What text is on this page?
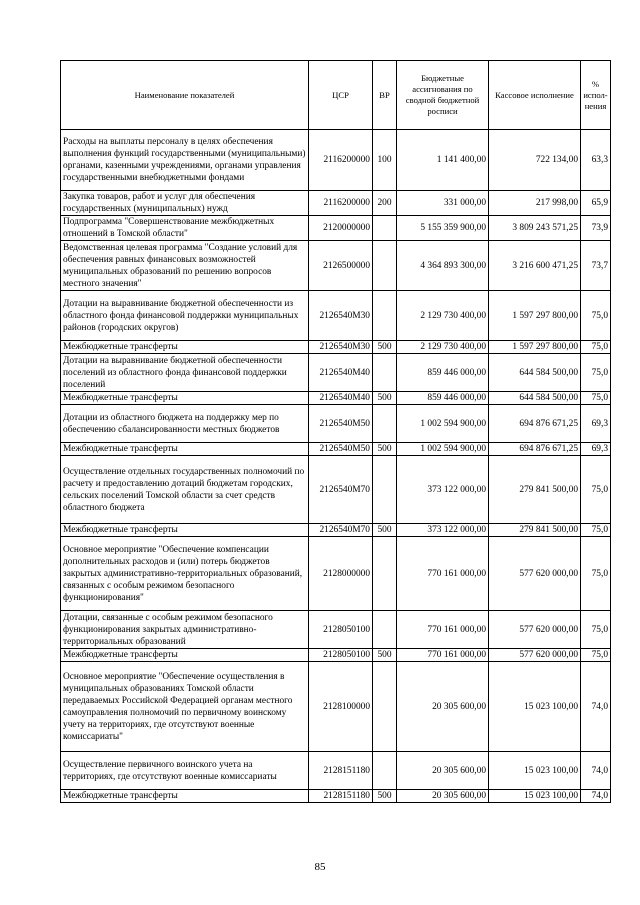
Наименование показателей	ЦСР	ВР	Бюджетные ассигнования по сводной бюджетной росписи	Кассовое исполнение	% испол-нения
Расходы на выплаты персоналу в целях обеспечения выполнения функций государственными (муниципальными) органами, казенными учреждениями, органами управления государственными внебюджетными фондами	2116200000	100	1 141 400,00	722 134,00	63,3
Закупка товаров, работ и услуг для обеспечения государственных (муниципальных) нужд	2116200000	200	331 000,00	217 998,00	65,9
Подпрограмма "Совершенствование межбюджетных отношений в Томской области"	2120000000		5 155 359 900,00	3 809 243 571,25	73,9
Ведомственная целевая программа "Создание условий для обеспечения равных финансовых возможностей муниципальных образований по решению вопросов местного значения"	2126500000		4 364 893 300,00	3 216 600 471,25	73,7
Дотации на выравнивание бюджетной обеспеченности из областного фонда финансовой поддержки муниципальных районов (городских округов)	2126540М30		2 129 730 400,00	1 597 297 800,00	75,0
Межбюджетные трансферты	2126540М30	500	2 129 730 400,00	1 597 297 800,00	75,0
Дотации на выравнивание бюджетной обеспеченности поселений из областного фонда финансовой поддержки поселений	2126540М40		859 446 000,00	644 584 500,00	75,0
Межбюджетные трансферты	2126540М40	500	859 446 000,00	644 584 500,00	75,0
Дотации из областного бюджета на поддержку мер по обеспечению сбалансированности местных бюджетов	2126540М50		1 002 594 900,00	694 876 671,25	69,3
Межбюджетные трансферты	2126540М50	500	1 002 594 900,00	694 876 671,25	69,3
Осуществление отдельных государственных полномочий по расчету и предоставлению дотаций бюджетам городских, сельских поселений Томской области за счет средств областного бюджета	2126540М70		373 122 000,00	279 841 500,00	75,0
Межбюджетные трансферты	2126540М70	500	373 122 000,00	279 841 500,00	75,0
Основное мероприятие "Обеспечение компенсации дополнительных расходов и (или) потерь бюджетов закрытых административно-территориальных образований, связанных с особым режимом безопасного функционирования"	2128000000		770 161 000,00	577 620 000,00	75,0
Дотации, связанные с особым режимом безопасного функционирования закрытых административно-территориальных образований	2128050100		770 161 000,00	577 620 000,00	75,0
Межбюджетные трансферты	2128050100	500	770 161 000,00	577 620 000,00	75,0
Основное мероприятие "Обеспечение осуществления в муниципальных образованиях Томской области передаваемых Российской Федерацией органам местного самоуправления полномочий по первичному воинскому учету на территориях, где отсутствуют военные комиссариаты"	2128100000		20 305 600,00	15 023 100,00	74,0
Осуществление первичного воинского учета на территориях, где отсутствуют военные комиссариаты	2128151180		20 305 600,00	15 023 100,00	74,0
Межбюджетные трансферты	2128151180	500	20 305 600,00	15 023 100,00	74,0
85
